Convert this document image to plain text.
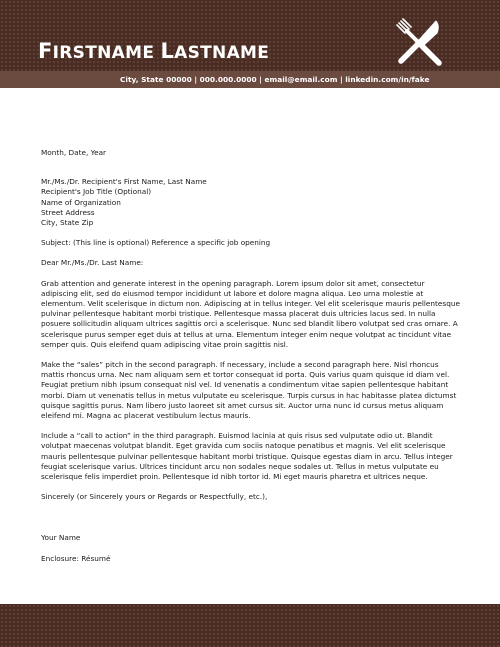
FIRSTNAME LASTNAME
City, State 00000 | 000.000.0000 | email@email.com | linkedin.com/in/fake

Month, Date, Year

Mr./Ms./Dr. Recipient's First Name, Last Name

Recipient's Job Title (Optional)

Name of Organization

Street Address

City, State Zip

Subject: (This line is optional) Reference a specific job opening

Dear Mr./Ms./Dr. Last Name:

Grab attention and generate interest in the opening paragraph. Lorem ipsum dolor sit amet, consectetur adipiscing elit, sed do eiusmod tempor incididunt ut labore et dolore magna aliqua. Leo urna molestie at elementum. Velit scelerisque in dictum non. Adipiscing at in tellus integer. Vel elit scelerisque mauris pellentesque pulvinar pellentesque habitant morbi tristique. Pellentesque massa placerat duis ultricies lacus sed. In nulla posuere sollicitudin aliquam ultrices sagittis orci a scelerisque. Nunc sed blandit libero volutpat sed cras ornare. A scelerisque purus semper eget duis at tellus at urna. Elementum integer enim neque volutpat ac tincidunt vitae semper quis. Quis eleifend quam adipiscing vitae proin sagittis nisl.

Make the “sales” pitch in the second paragraph. If necessary, include a second paragraph here. Nisl rhoncus mattis rhoncus urna. Nec nam aliquam sem et tortor consequat id porta. Quis varius quam quisque id diam vel. Feugiat pretium nibh ipsum consequat nisl vel. Id venenatis a condimentum vitae sapien pellentesque habitant morbi. Diam ut venenatis tellus in metus vulputate eu scelerisque. Turpis cursus in hac habitasse platea dictumst quisque sagittis purus. Nam libero justo laoreet sit amet cursus sit. Auctor urna nunc id cursus metus aliquam eleifend mi. Magna ac placerat vestibulum lectus mauris.

Include a “call to action” in the third paragraph. Euismod lacinia at quis risus sed vulputate odio ut. Blandit volutpat maecenas volutpat blandit. Eget gravida cum sociis natoque penatibus et magnis. Vel elit scelerisque mauris pellentesque pulvinar pellentesque habitant morbi tristique. Quisque egestas diam in arcu. Tellus integer feugiat scelerisque varius. Ultrices tincidunt arcu non sodales neque sodales ut. Tellus in metus vulputate eu scelerisque felis imperdiet proin. Pellentesque id nibh tortor id. Mi eget mauris pharetra et ultrices neque.

Sincerely (or Sincerely yours or Regards or Respectfully, etc.),

Your Name

Enclosure: Résumé
